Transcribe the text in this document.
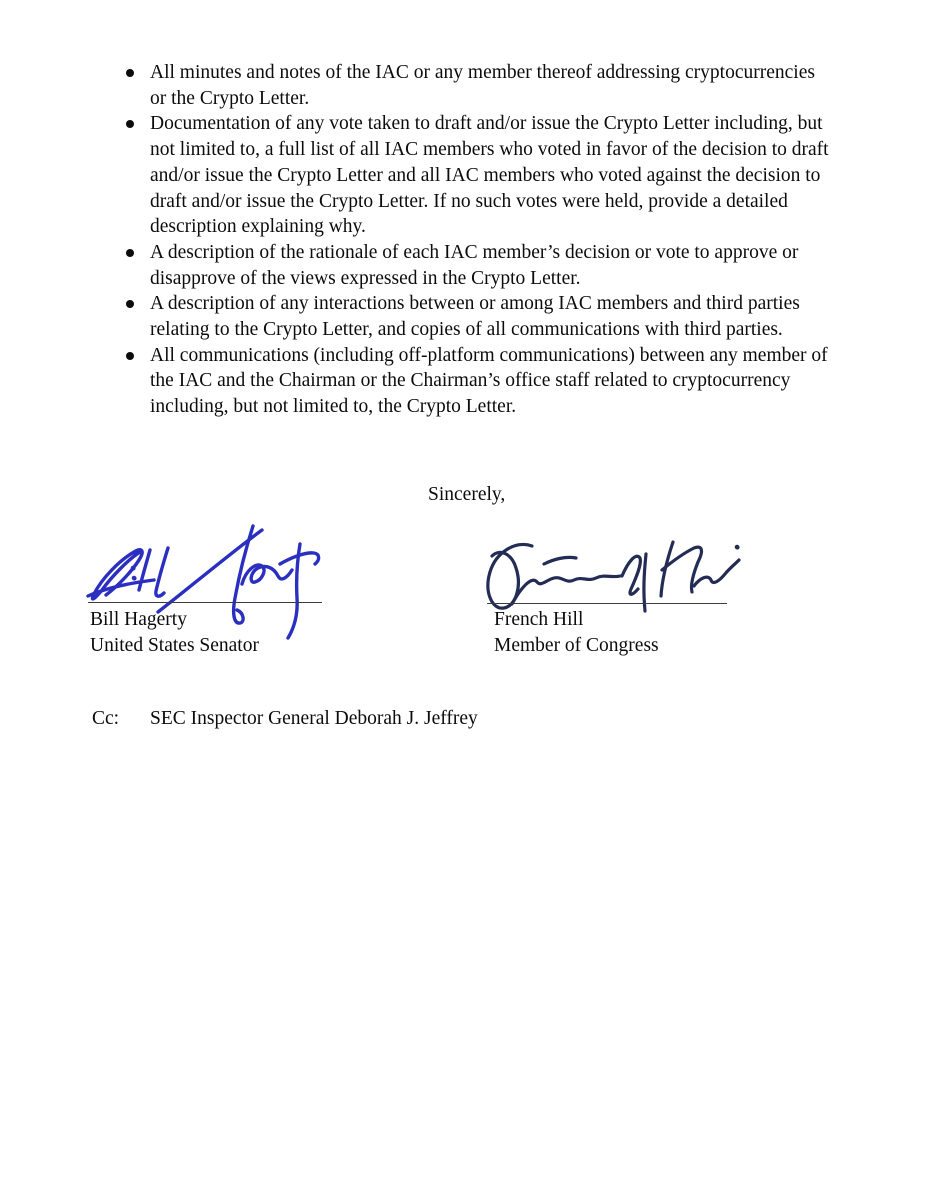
All minutes and notes of the IAC or any member thereof addressing cryptocurrencies or the Crypto Letter.
Documentation of any vote taken to draft and/or issue the Crypto Letter including, but not limited to, a full list of all IAC members who voted in favor of the decision to draft and/or issue the Crypto Letter and all IAC members who voted against the decision to draft and/or issue the Crypto Letter. If no such votes were held, provide a detailed description explaining why.
A description of the rationale of each IAC member’s decision or vote to approve or disapprove of the views expressed in the Crypto Letter.
A description of any interactions between or among IAC members and third parties relating to the Crypto Letter, and copies of all communications with third parties.
All communications (including off-platform communications) between any member of the IAC and the Chairman or the Chairman’s office staff related to cryptocurrency including, but not limited to, the Crypto Letter.
Sincerely,
Bill Hagerty
United States Senator
French Hill
Member of Congress
Cc: SEC Inspector General Deborah J. Jeffrey
